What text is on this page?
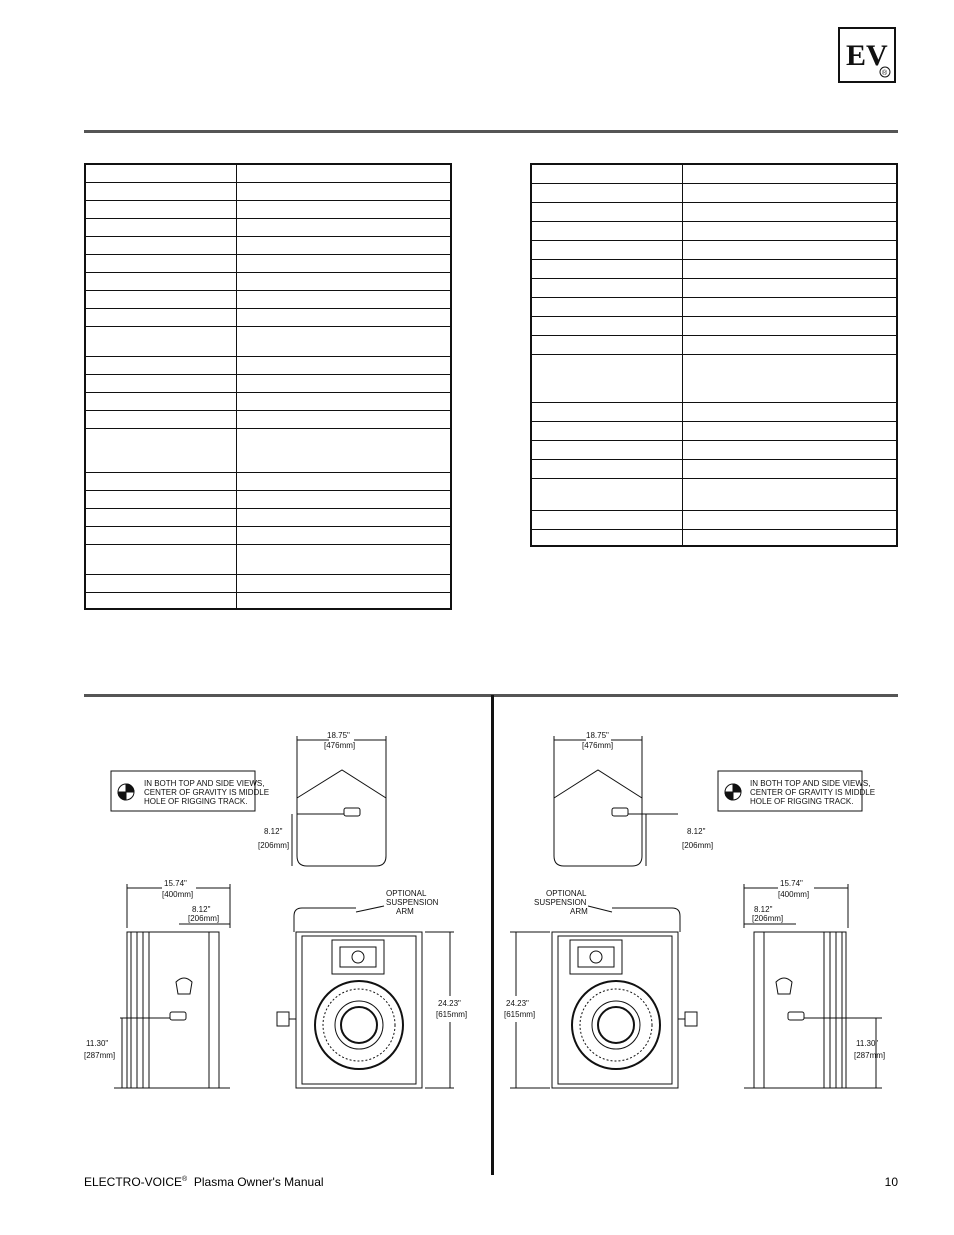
EV
®

IN BOTH TOP AND SIDE VIEWS,
CENTER OF GRAVITY IS MIDDLE
HOLE OF RIGGING TRACK.
18.75"
[476mm]
8.12"
[206mm]
15.74"
[400mm]
8.12"
[206mm]
11.30"
[287mm]
OPTIONAL
SUSPENSION
ARM
24.23"
[615mm]
18.75"
[476mm]
8.12"
[206mm]
IN BOTH TOP AND SIDE VIEWS,
CENTER OF GRAVITY IS MIDDLE
HOLE OF RIGGING TRACK.
OPTIONAL
SUSPENSION
ARM
24.23"
[615mm]
15.74"
[400mm]
8.12"
[206mm]
11.30"
[287mm]
ELECTRO-VOICE® Plasma Owner's Manual	10
